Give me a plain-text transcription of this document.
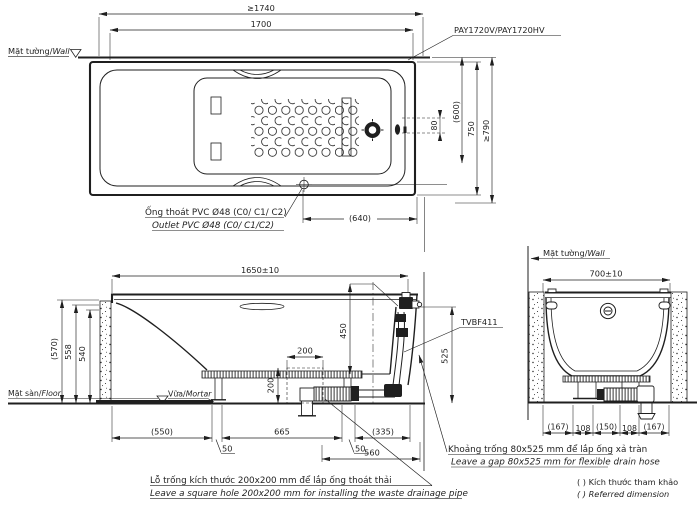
Mặt tường/Wall
≥1740
1700
PAY1720V/PAY1720HV
(600)
750 ≥790
80
(640)
Ống thoát PVC Ø48 (C0/ C1/ C2)
Outlet PVC Ø48 (C0/ C1/C2)
1650±10
(570) 558 540
Mặt sàn/Floor	Vữa/Mortar
450
200
200
525
TVBF411
(550)	665	(335)
50	50
560
Mặt tường/Wall
700±10
(167) 108 (150) 108 (167)
Khoảng trống 80x525 mm để lắp ống xả tràn
Leave a gap 80x525 mm for flexible drain hose
Lỗ trống kích thước 200x200 mm để lắp ống thoát thải
Leave a square hole 200x200 mm for installing the waste drainage pipe
( ) Kích thước tham khảo
( ) Referred dimension
